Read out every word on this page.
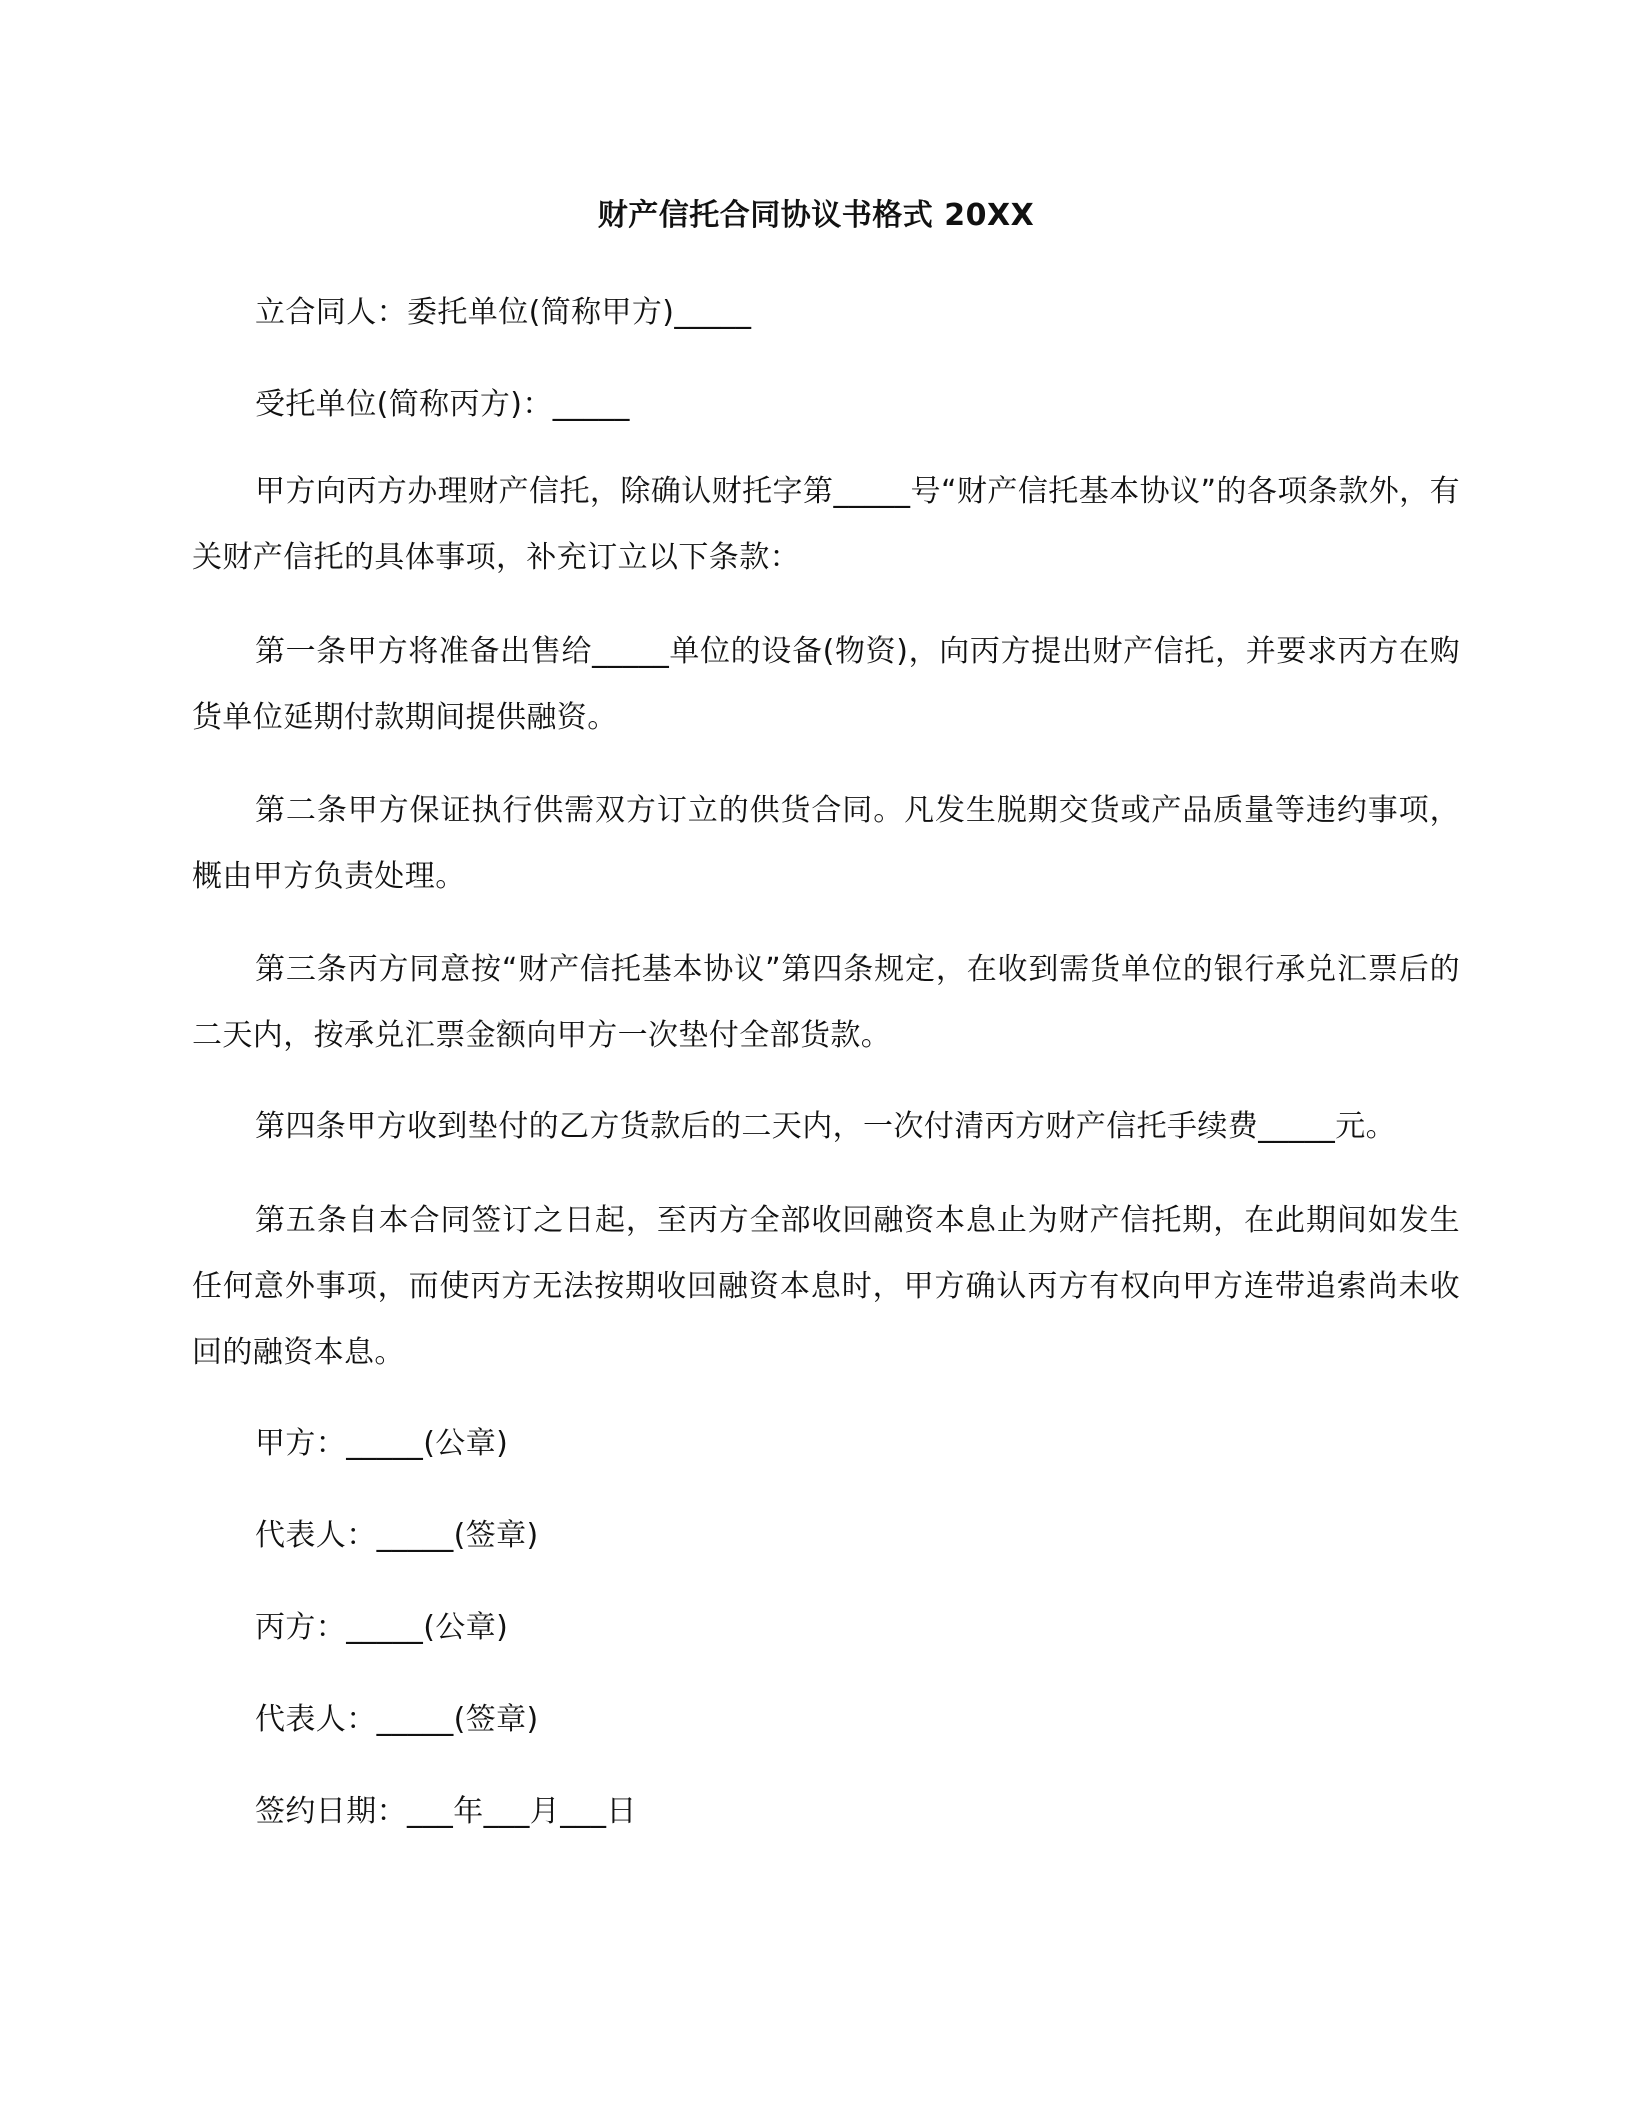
财产信托合同协议书格式 20XX
立合同人：委托单位(简称甲方)_____
受托单位(简称丙方)：_____
甲方向丙方办理财产信托，除确认财托字第_____号“财产信托基本协议”的各项条款外，有关财产信托的具体事项，补充订立以下条款：
第一条甲方将准备出售给_____单位的设备(物资)，向丙方提出财产信托，并要求丙方在购货单位延期付款期间提供融资。
第二条甲方保证执行供需双方订立的供货合同。凡发生脱期交货或产品质量等违约事项，概由甲方负责处理。
第三条丙方同意按“财产信托基本协议”第四条规定，在收到需货单位的银行承兑汇票后的二天内，按承兑汇票金额向甲方一次垫付全部货款。
第四条甲方收到垫付的乙方货款后的二天内，一次付清丙方财产信托手续费_____元。
第五条自本合同签订之日起，至丙方全部收回融资本息止为财产信托期，在此期间如发生任何意外事项，而使丙方无法按期收回融资本息时，甲方确认丙方有权向甲方连带追索尚未收回的融资本息。
甲方：_____(公章)
代表人：_____(签章)
丙方：_____(公章)
代表人：_____(签章)
签约日期：___年___月___日
